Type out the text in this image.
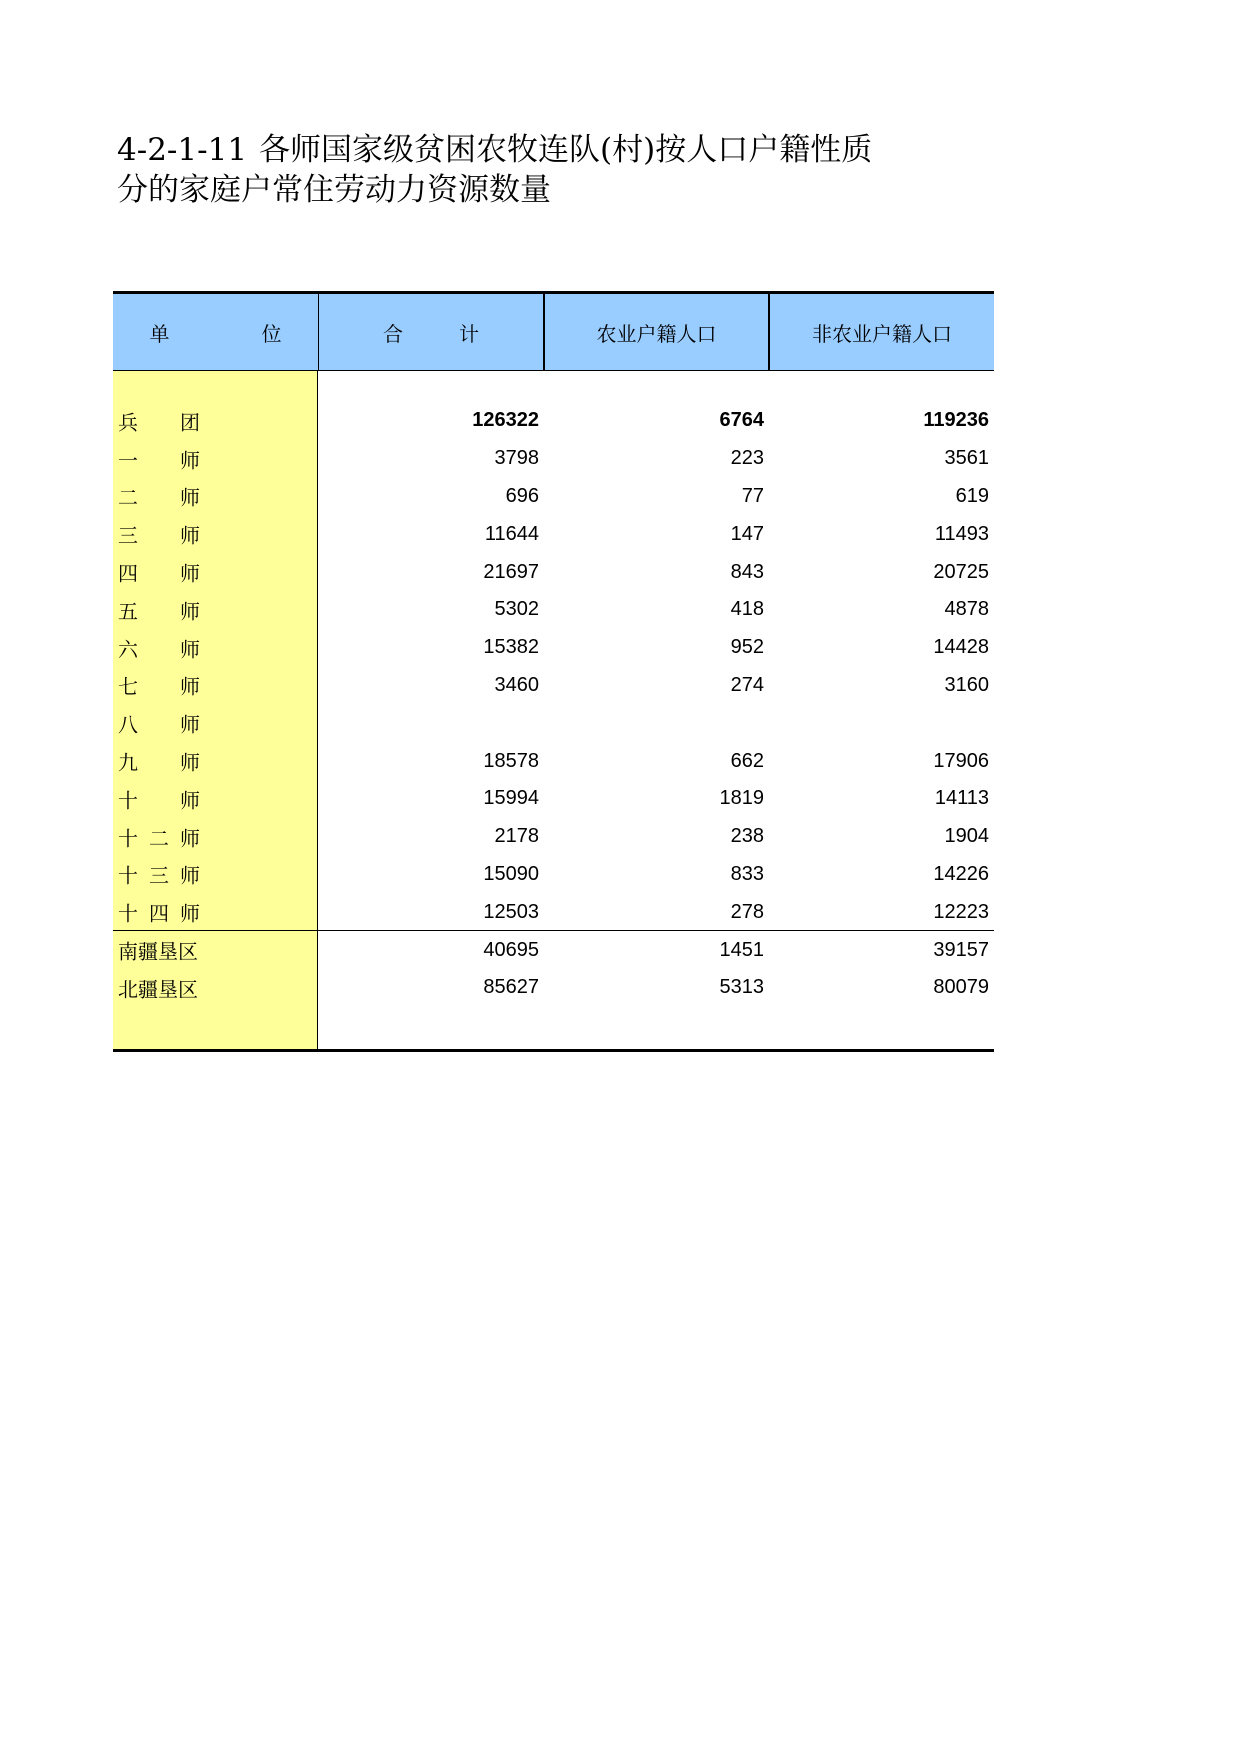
4-2-1-11 各师国家级贫困农牧连队(村)按人口户籍性质
分的家庭户常住劳动力资源数量
单　位	合　计	农业户籍人口	非农业户籍人口
兵 团	126322	6764	119236
一 师	3798	223	3561
二 师	696	77	619
三 师	11644	147	11493
四 师	21697	843	20725
五 师	5302	418	4878
六 师	15382	952	14428
七 师	3460	274	3160
八 师
九 师	18578	662	17906
十 师	15994	1819	14113
十 二 师	2178	238	1904
十 三 师	15090	833	14226
十 四 师	12503	278	12223
南疆垦区	40695	1451	39157
北疆垦区	85627	5313	80079
